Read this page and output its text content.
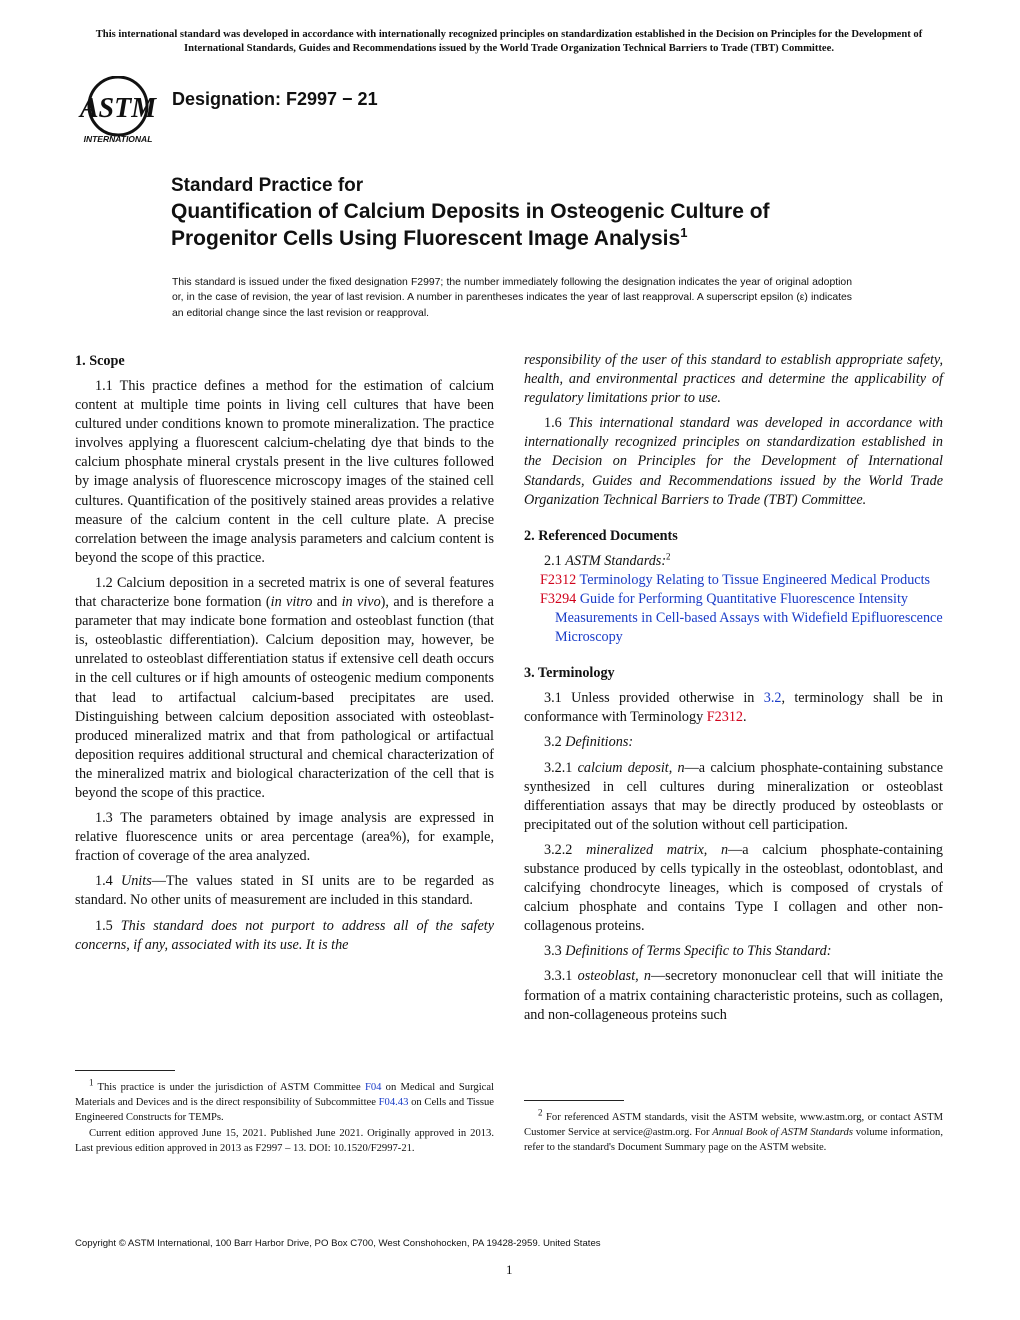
This international standard was developed in accordance with internationally recognized principles on standardization established in the Decision on Principles for the Development of International Standards, Guides and Recommendations issued by the World Trade Organization Technical Barriers to Trade (TBT) Committee.
ASTM
INTERNATIONAL
Designation: F2997 − 21
Standard Practice for
Quantification of Calcium Deposits in Osteogenic Culture of
Progenitor Cells Using Fluorescent Image Analysis$^1$
This standard is issued under the fixed designation F2997; the number immediately following the designation indicates the year of original adoption or, in the case of revision, the year of last revision. A number in parentheses indicates the year of last reapproval. A superscript epsilon (ε) indicates an editorial change since the last revision or reapproval.
1. Scope

1.1 This practice defines a method for the estimation of calcium content at multiple time points in living cell cultures that have been cultured under conditions known to promote mineralization. The practice involves applying a fluorescent calcium-chelating dye that binds to the calcium phosphate mineral crystals present in the live cultures followed by image analysis of fluorescence microscopy images of the stained cell cultures. Quantification of the positively stained areas provides a relative measure of the calcium content in the cell culture plate. A precise correlation between the image analysis parameters and calcium content is beyond the scope of this practice.

1.2 Calcium deposition in a secreted matrix is one of several features that characterize bone formation (in vitro and in vivo), and is therefore a parameter that may indicate bone formation and osteoblast function (that is, osteoblastic differentiation). Calcium deposition may, however, be unrelated to osteoblast differentiation status if extensive cell death occurs in the cell cultures or if high amounts of osteogenic medium components that lead to artifactual calcium-based precipitates are used. Distinguishing between calcium deposition associated with osteoblast-produced mineralized matrix and that from pathological or artifactual deposition requires additional structural and chemical characterization of the mineralized matrix and biological characterization of the cell that is beyond the scope of this practice.

1.3 The parameters obtained by image analysis are expressed in relative fluorescence units or area percentage (area%), for example, fraction of coverage of the area analyzed.

1.4 Units—The values stated in SI units are to be regarded as standard. No other units of measurement are included in this standard.

1.5 This standard does not purport to address all of the safety concerns, if any, associated with its use. It is the

responsibility of the user of this standard to establish appropriate safety, health, and environmental practices and determine the applicability of regulatory limitations prior to use.

1.6 This international standard was developed in accordance with internationally recognized principles on standardization established in the Decision on Principles for the Development of International Standards, Guides and Recommendations issued by the World Trade Organization Technical Barriers to Trade (TBT) Committee.

2. Referenced Documents

2.1 ASTM Standards:$^2$

F2312 Terminology Relating to Tissue Engineered Medical Products
F3294 Guide for Performing Quantitative Fluorescence Intensity Measurements in Cell-based Assays with Widefield Epifluorescence Microscopy
3. Terminology

3.1 Unless provided otherwise in 3.2, terminology shall be in conformance with Terminology F2312.

3.2 Definitions:

3.2.1 calcium deposit, n—a calcium phosphate-containing substance synthesized in cell cultures during mineralization or osteoblast differentiation assays that may be directly produced by osteoblasts or precipitated out of the solution without cell participation.

3.2.2 mineralized matrix, n—a calcium phosphate-containing substance produced by cells typically in the osteoblast, odontoblast, and calcifying chondrocyte lineages, which is composed of crystals of calcium phosphate and contains Type I collagen and other non-collagenous proteins.

3.3 Definitions of Terms Specific to This Standard:

3.3.1 osteoblast, n—secretory mononuclear cell that will initiate the formation of a matrix containing characteristic proteins, such as collagen, and non-collageneous proteins such

$^1$ This practice is under the jurisdiction of ASTM Committee F04 on Medical and Surgical Materials and Devices and is the direct responsibility of Subcommittee F04.43 on Cells and Tissue Engineered Constructs for TEMPs.

Current edition approved June 15, 2021. Published June 2021. Originally approved in 2013. Last previous edition approved in 2013 as F2997 – 13. DOI: 10.1520/F2997-21.

$^2$ For referenced ASTM standards, visit the ASTM website, www.astm.org, or contact ASTM Customer Service at service@astm.org. For Annual Book of ASTM Standards volume information, refer to the standard's Document Summary page on the ASTM website.

Copyright © ASTM International, 100 Barr Harbor Drive, PO Box C700, West Conshohocken, PA 19428-2959. United States
1
